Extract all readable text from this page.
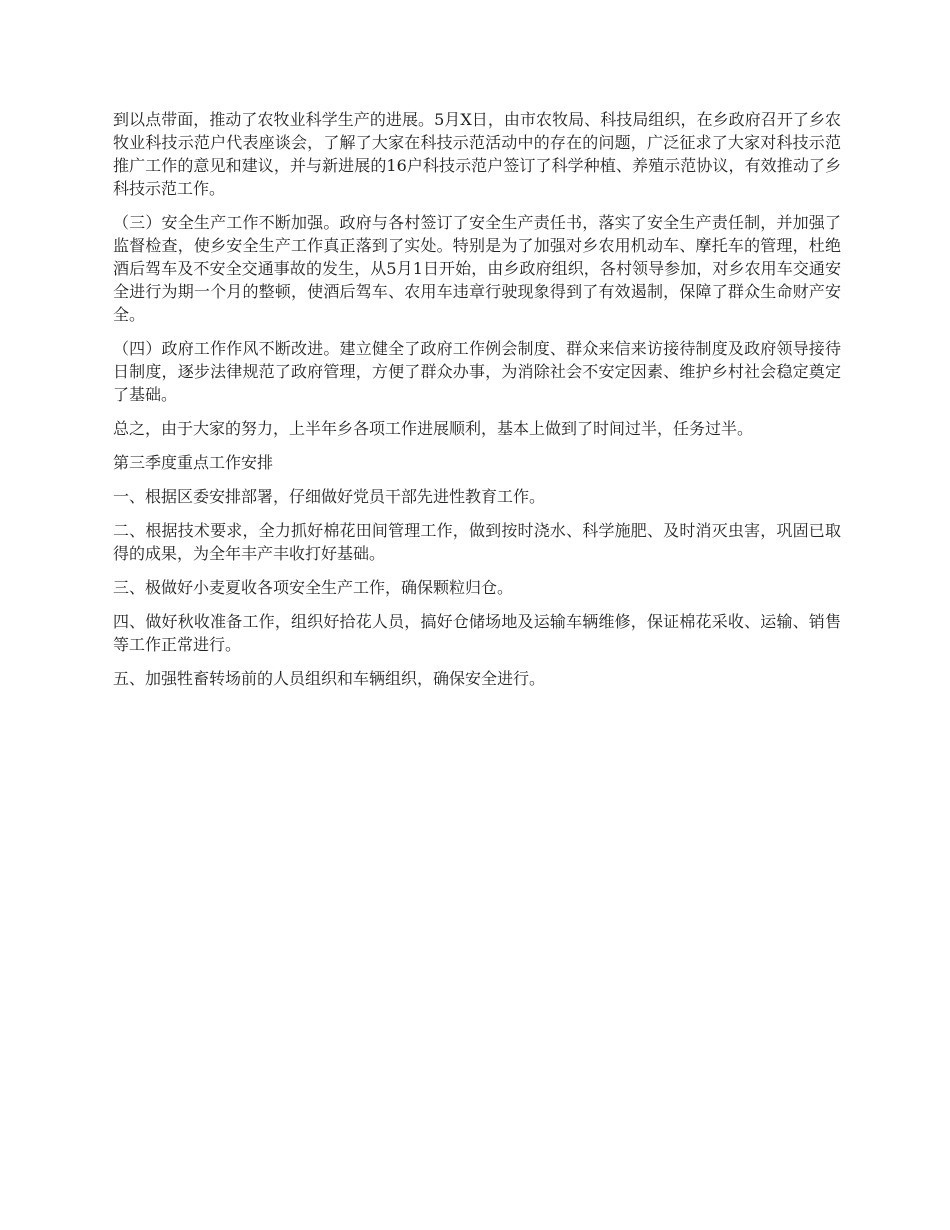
到以点带面，推动了农牧业科学生产的进展。5月X日，由市农牧局、科技局组织，在乡政府召开了乡农牧业科技示范户代表座谈会，了解了大家在科技示范活动中的存在的问题，广泛征求了大家对科技示范推广工作的意见和建议，并与新进展的16户科技示范户签订了科学种植、养殖示范协议，有效推动了乡科技示范工作。

（三）安全生产工作不断加强。政府与各村签订了安全生产责任书，落实了安全生产责任制，并加强了监督检查，使乡安全生产工作真正落到了实处。特别是为了加强对乡农用机动车、摩托车的管理，杜绝酒后驾车及不安全交通事故的发生，从5月1日开始，由乡政府组织，各村领导参加，对乡农用车交通安全进行为期一个月的整顿，使酒后驾车、农用车违章行驶现象得到了有效遏制，保障了群众生命财产安全。

（四）政府工作作风不断改进。建立健全了政府工作例会制度、群众来信来访接待制度及政府领导接待日制度，逐步法律规范了政府管理，方便了群众办事，为消除社会不安定因素、维护乡村社会稳定奠定了基础。

总之，由于大家的努力，上半年乡各项工作进展顺利，基本上做到了时间过半，任务过半。

第三季度重点工作安排

一、根据区委安排部署，仔细做好党员干部先进性教育工作。

二、根据技术要求，全力抓好棉花田间管理工作，做到按时浇水、科学施肥、及时消灭虫害，巩固已取得的成果，为全年丰产丰收打好基础。

三、极做好小麦夏收各项安全生产工作，确保颗粒归仓。

四、做好秋收准备工作，组织好拾花人员，搞好仓储场地及运输车辆维修，保证棉花采收、运输、销售等工作正常进行。

五、加强牲畜转场前的人员组织和车辆组织，确保安全进行。
